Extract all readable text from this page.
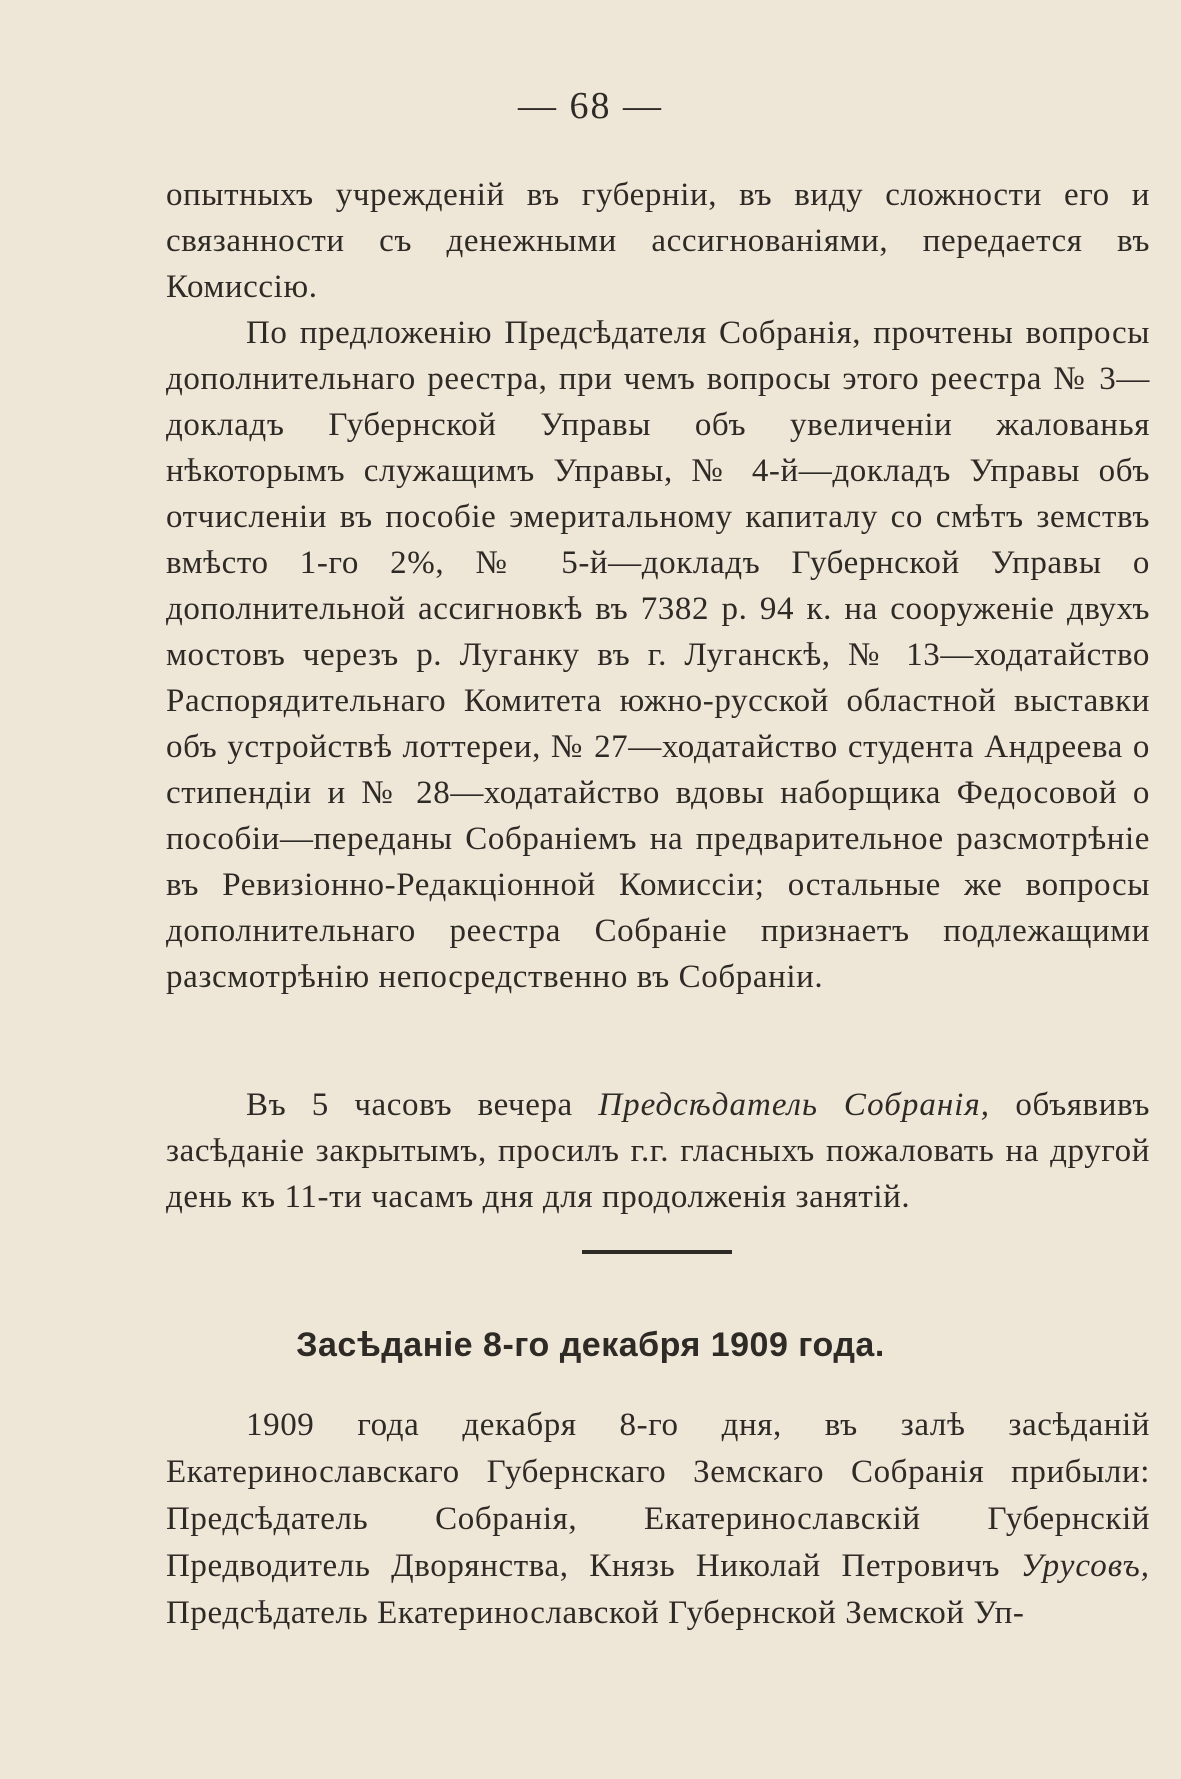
— 68 —

опытныхъ учрежденій въ губерніи, въ виду сложности его и связанности съ денежными ассигнованіями, передается въ Комиссію.

По предложенію Предсѣдателя Собранія, прочтены вопросы дополнительнаго реестра, при чемъ вопросы этого реестра № 3—докладъ Губернской Управы объ увеличеніи жалованья нѣкоторымъ служащимъ Управы, № 4-й—докладъ Управы объ отчисленіи въ пособіе эмеритальному капиталу со смѣтъ земствъ вмѣсто 1-го 2%, № 5-й—докладъ Губернской Управы о дополнительной ассигновкѣ въ 7382 р. 94 к. на сооруженіе двухъ мостовъ черезъ р. Луганку въ г. Луганскѣ, № 13—ходатайство Распорядительнаго Комитета южно-русской областной выставки объ устройствѣ лоттереи, № 27—ходатайство студента Андреева о стипендіи и № 28—ходатайство вдовы наборщика Федосовой о пособіи—переданы Собраніемъ на предварительное разсмотрѣніе въ Ревизіонно-Редакціонной Комиссіи; остальные же вопросы дополнительнаго реестра Собраніе признаетъ подлежащими разсмотрѣнію непосредственно въ Собраніи.

Въ 5 часовъ вечера Предсѣдатель Собранія, объявивъ засѣданіе закрытымъ, просилъ г.г. гласныхъ пожаловать на другой день къ 11-ти часамъ дня для продолженія занятій.

Засѣданіе 8-го декабря 1909 года.

1909 года декабря 8-го дня, въ залѣ засѣданій Екатеринославскаго Губернскаго Земскаго Собранія прибыли: Предсѣдатель Собранія, Екатеринославскій Губернскій Предводитель Дворянства, Князь Николай Петровичъ Урусовъ, Предсѣдатель Екатеринославской Губернской Земской Уп-
